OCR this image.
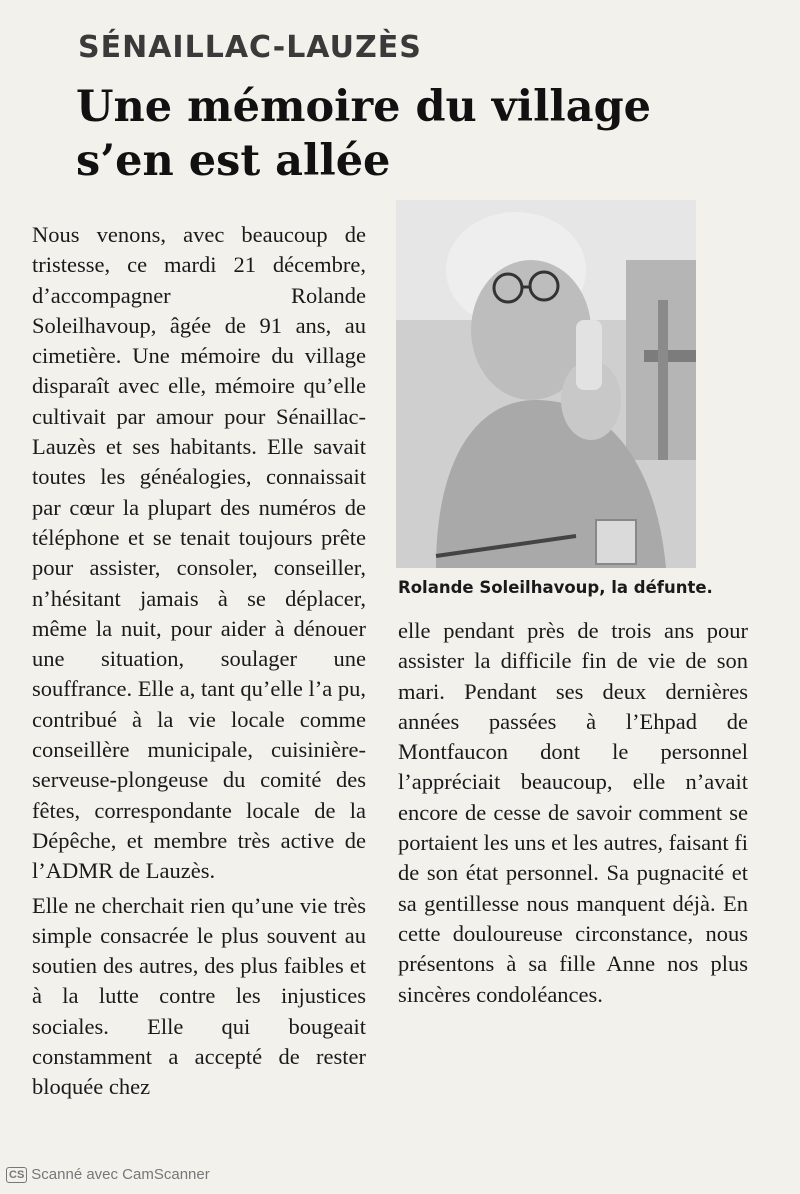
SÉNAILLAC-LAUZÈS
Une mémoire du village
s’en est allée

Nous venons, avec beaucoup de tristesse, ce mardi 21 décembre, d’accompagner Rolande Soleilhavoup, âgée de 91 ans, au cimetière. Une mémoire du village disparaît avec elle, mémoire qu’elle cultivait par amour pour Sénaillac-Lauzès et ses habitants. Elle savait toutes les généalogies, connaissait par cœur la plupart des numéros de téléphone et se tenait toujours prête pour assister, consoler, conseiller, n’hésitant jamais à se déplacer, même la nuit, pour aider à dénouer une situation, soulager une souffrance. Elle a, tant qu’elle l’a pu, contribué à la vie locale comme conseillère municipale, cuisinière-serveuse-plongeuse du comité des fêtes, correspondante locale de la Dépêche, et membre très active de l’ADMR de Lauzès.

Elle ne cherchait rien qu’une vie très simple consacrée le plus souvent au soutien des autres, des plus faibles et à la lutte contre les injustices sociales. Elle qui bougeait constamment a accepté de rester bloquée chez

Rolande Soleilhavoup, la défunte.

elle pendant près de trois ans pour assister la difficile fin de vie de son mari. Pendant ses deux dernières années passées à l’Ehpad de Montfaucon dont le personnel l’appréciait beaucoup, elle n’avait encore de cesse de savoir comment se portaient les uns et les autres, faisant fi de son état personnel. Sa pugnacité et sa gentillesse nous manquent déjà. En cette douloureuse circonstance, nous présentons à sa fille Anne nos plus sincères condoléances.

CS Scanné avec CamScanner
